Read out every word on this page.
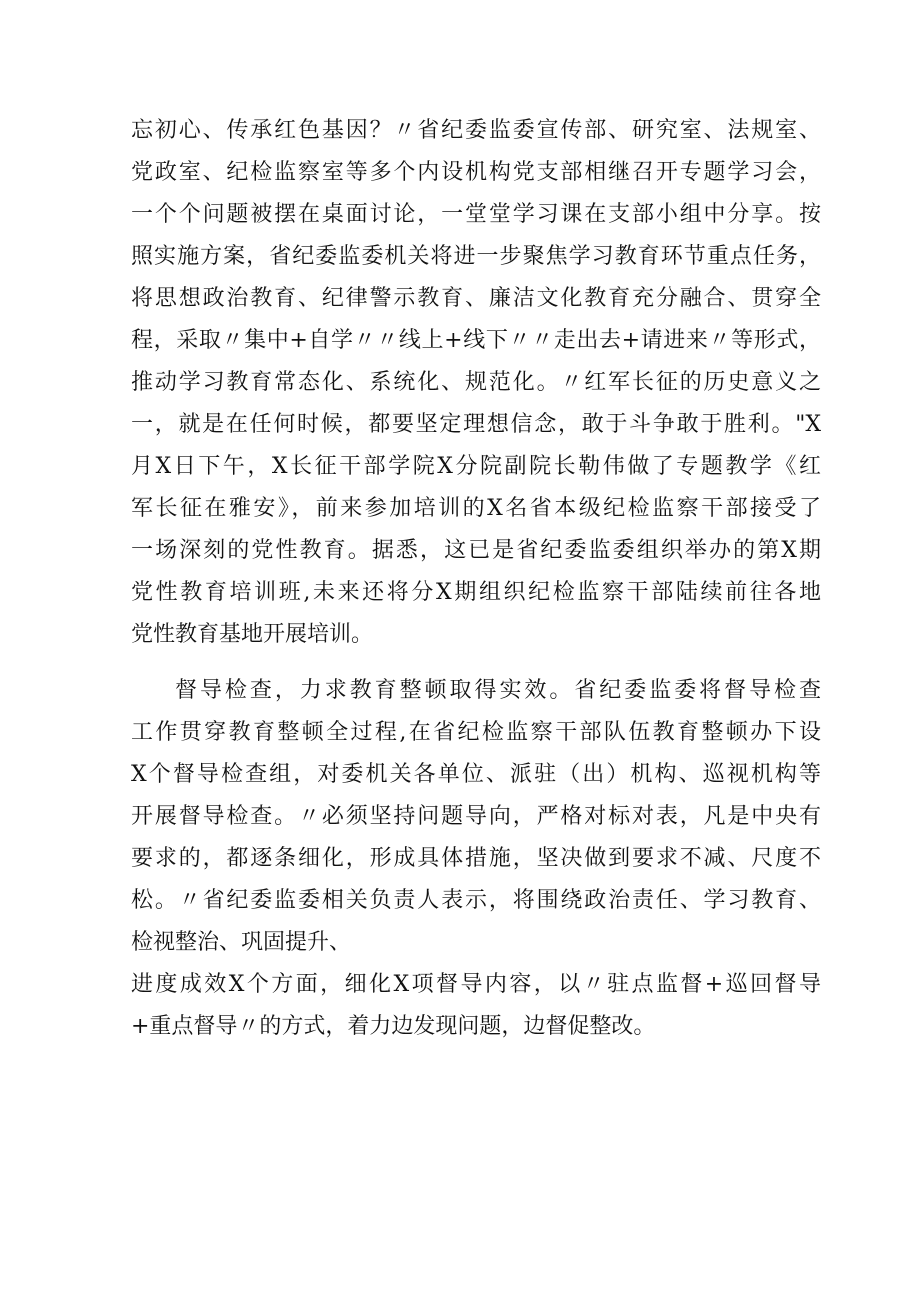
忘初心、传承红色基因？〃省纪委监委宣传部、研究室、法规室、
党政室、纪检监察室等多个内设机构党支部相继召开专题学习会，
一个个问题被摆在桌面讨论，一堂堂学习课在支部小组中分享。按
照实施方案，省纪委监委机关将进一步聚焦学习教育环节重点任务，
将思想政治教育、纪律警示教育、廉洁文化教育充分融合、贯穿全
程，采取〃集中+自学〃〃线上+线下〃〃走出去+请进来〃等形式，
推动学习教育常态化、系统化、规范化。〃红军长征的历史意义之
一，就是在任何时候，都要坚定理想信念，敢于斗争敢于胜利。"X
月X日下午，X长征干部学院X分院副院长勒伟做了专题教学《红
军长征在雅安》，前来参加培训的X名省本级纪检监察干部接受了
一场深刻的党性教育。据悉，这已是省纪委监委组织举办的第X期
党性教育培训班,未来还将分X期组织纪检监察干部陆续前往各地
党性教育基地开展培训。
督导检查，力求教育整顿取得实效。省纪委监委将督导检查
工作贯穿教育整顿全过程,在省纪检监察干部队伍教育整顿办下设
X个督导检查组，对委机关各单位、派驻（出）机构、巡视机构等
开展督导检查。〃必须坚持问题导向，严格对标对表，凡是中央有
要求的，都逐条细化，形成具体措施，坚决做到要求不减、尺度不
松。〃省纪委监委相关负责人表示，将围绕政治责任、学习教育、
检视整治、巩固提升、
进度成效X个方面，细化X项督导内容，以〃驻点监督+巡回督导
+重点督导〃的方式，着力边发现问题，边督促整改。
